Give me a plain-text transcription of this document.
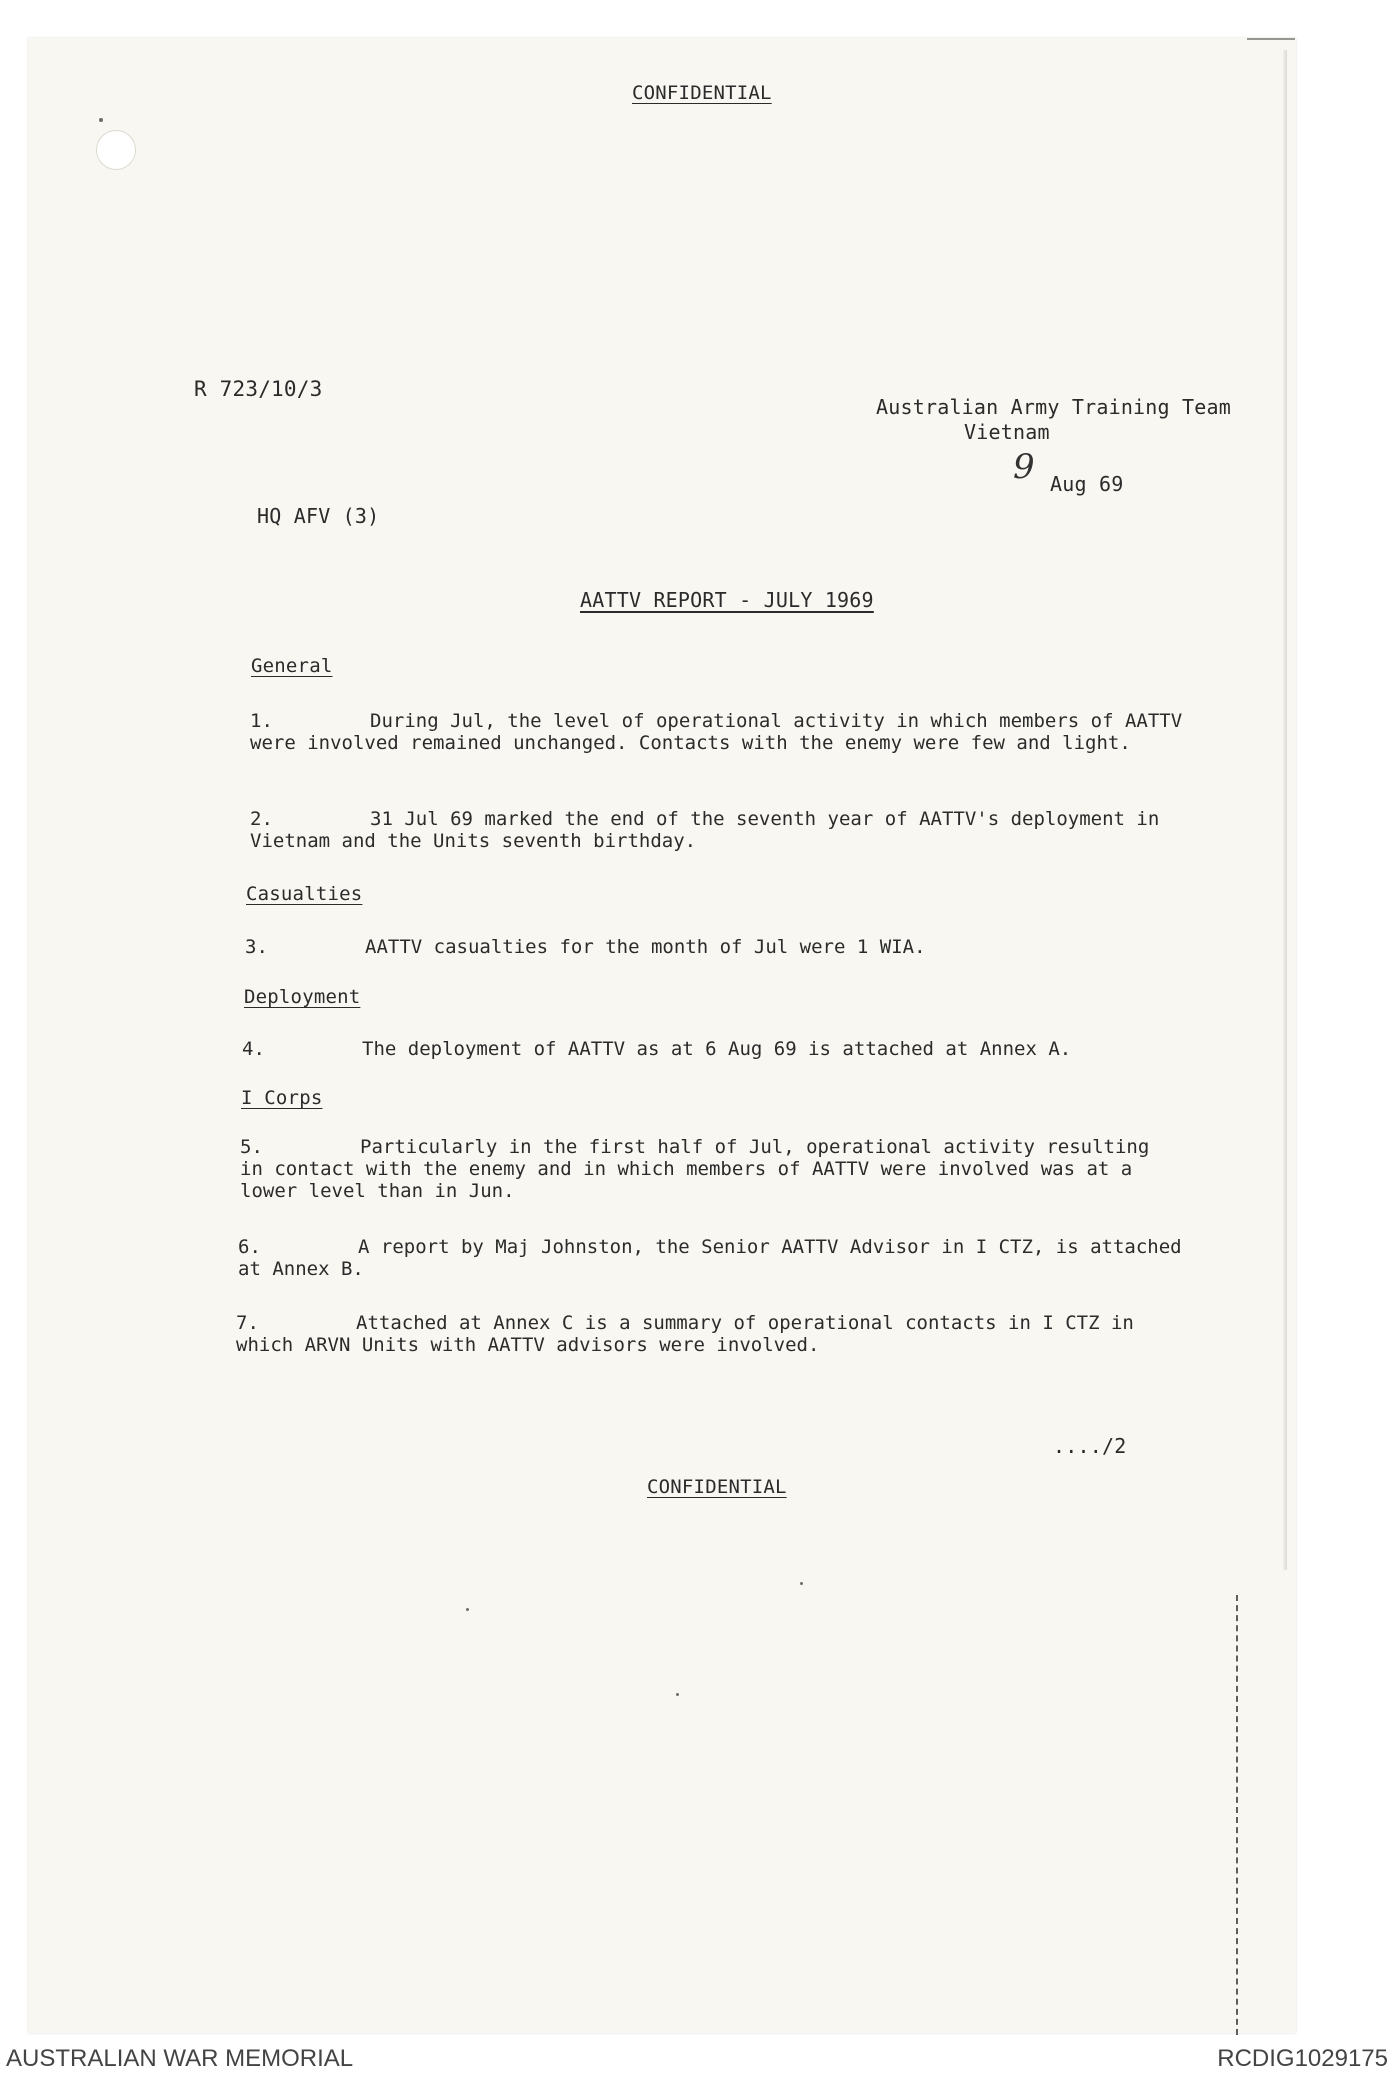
CONFIDENTIAL
R 723/10/3
Australian Army Training Team
Vietnam
9 Aug 69
HQ AFV (3)
AATTV REPORT - JULY 1969
General
1.	During Jul, the level of operational activity in which members of AATTV were involved remained unchanged. Contacts with the enemy were few and light.
2.	31 Jul 69 marked the end of the seventh year of AATTV's deployment in Vietnam and the Units seventh birthday.
Casualties
3.	AATTV casualties for the month of Jul were 1 WIA.
Deployment
4.	The deployment of AATTV as at 6 Aug 69 is attached at Annex A.
I Corps
5.	Particularly in the first half of Jul, operational activity resulting in contact with the enemy and in which members of AATTV were involved was at a lower level than in Jun.
6.	A report by Maj Johnston, the Senior AATTV Advisor in I CTZ, is attached at Annex B.
7.	Attached at Annex C is a summary of operational contacts in I CTZ in which ARVN Units with AATTV advisors were involved.
..../2
CONFIDENTIAL
AUSTRALIAN WAR MEMORIAL	RCDIG1029175
